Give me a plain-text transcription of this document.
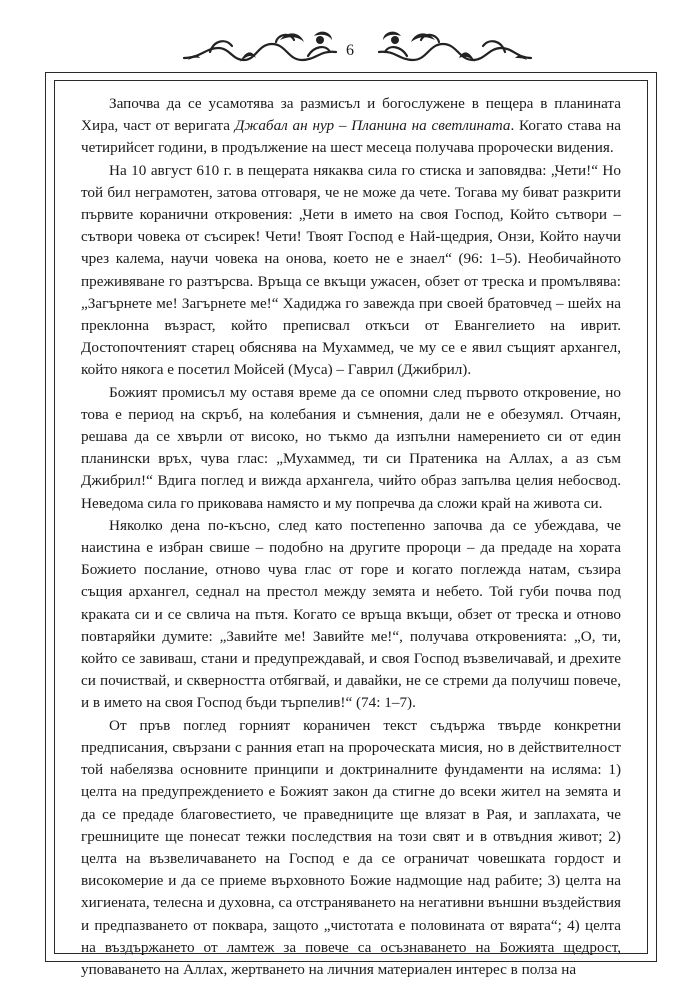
6

Започва да се усамотява за размисъл и богослужене в пещера в планината Хира, част от веригата Джабал ан нур – Планина на светлината. Когато става на четирийсет години, в продължение на шест месеца получава пророчески видения.

На 10 август 610 г. в пещерата някаква сила го стиска и заповядва: „Чети!“ Но той бил неграмотен, затова отговаря, че не може да чете. Тогава му биват разкрити първите коранични откровения: „Чети в името на своя Господ, Който сътвори – сътвори човека от съсирек! Чети! Твоят Господ е Най-щедрия, Онзи, Който научи чрез калема, научи човека на онова, което не е знаел“ (96: 1–5). Необичайното преживяване го разтърсва. Връща се вкъщи ужасен, обзет от треска и промълвява: „Загърнете ме! Загърнете ме!“ Хадиджа го завежда при своей братовчед – шейх на преклонна възраст, който преписвал откъси от Евангелието на иврит. Достопочтеният старец обяснява на Мухаммед, че му се е явил същият архангел, който някога е посетил Мойсей (Муса) – Гаврил (Джибрил).

Божият промисъл му оставя време да се опомни след първото откровение, но това е период на скръб, на колебания и съмнения, дали не е обезумял. Отчаян, решава да се хвърли от високо, но тъкмо да изпълни намерението си от един планински връх, чува глас: „Мухаммед, ти си Пратеника на Аллах, а аз съм Джибрил!“ Вдига поглед и вижда архангела, чийто образ запълва целия небосвод. Неведома сила го приковава намясто и му попречва да сложи край на живота си.

Няколко дена по-късно, след като постепенно започва да се убеждава, че наистина е избран свише – подобно на другите пророци – да предаде на хората Божието послание, отново чува глас от горе и когато поглежда натам, съзира същия архангел, седнал на престол между земята и небето. Той губи почва под краката си и се свлича на пътя. Когато се връща вкъщи, обзет от треска и отново повтаряйки думите: „Завийте ме! Завийте ме!“, получава откровенията: „О, ти, който се завиваш, стани и предупреждавай, и своя Господ възвеличавай, и дрехите си почиствай, и скверността отбягвай, и давайки, не се стреми да получиш повече, и в името на своя Господ бъди търпелив!“ (74: 1–7).

От пръв поглед горният кораничен текст съдържа твърде конкретни предписания, свързани с ранния етап на пророческата мисия, но в действителност той набелязва основните принципи и доктриналните фундаменти на исляма: 1) целта на предупреждението е Божият закон да стигне до всеки жител на земята и да се предаде благовестието, че праведниците ще влязат в Рая, и заплахата, че грешниците ще понесат тежки последствия на този свят и в отвъдния живот; 2) целта на възвеличаването на Господ е да се ограничат човешката гордост и високомерие и да се приеме върховното Божие надмощие над рабите; 3) целта на хигиената, телесна и духовна, са отстраняването на негативни външни въздействия и предпазването от поквара, защото „чистотата е половината от вярата“; 4) целта на въздържането от ламтеж за повече са осъзнаването на Божията щедрост, уповаването на Аллах, жертването на личния материален интерес в полза на
